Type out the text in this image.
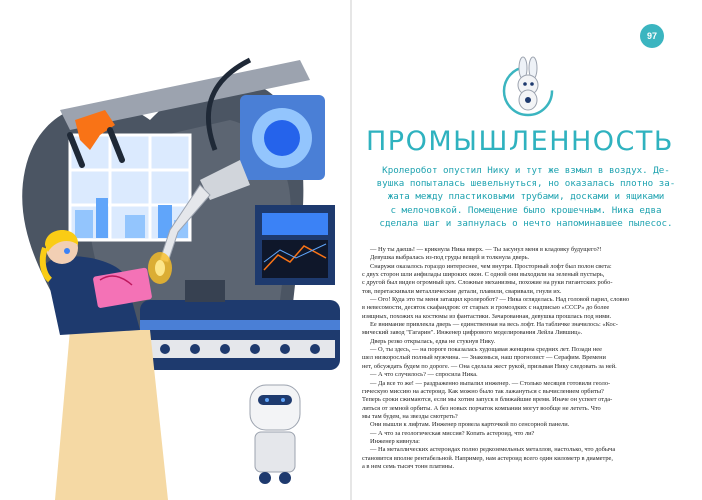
97
ПРОМЫШЛЕННОСТЬ

Кролеробот опустил Нику и тут же взмыл в воздух. Де-
вушка попыталась шевельнуться, но оказалась плотно за-
жата между пластиковыми трубами, досками и ящиками
с мелочовкой. Помещение было крошечным. Ника едва
сделала шаг и запнулась о нечто напоминавшее пылесос.

— Ну ты даешь! — крикнула Ника вверх. — Ты засунул меня в кладовку будущего?!

Девушка выбралась из-под груды вещей и толкнула дверь.

Снаружи оказалось гораздо интереснее, чем внутри. Просторный лофт был полон света:
с двух сторон шли анфилады широких окон. С одной они выходили на зеленый пустырь,
с другой был виден огромный цех. Сложные механизмы, похожие на руки гигантских робо-
тов, перетаскивали металлические детали, плавили, сваривали, гнули их.

— Ого! Куда это ты меня затащил кролеробот? — Ника огляделась. Над головой парил, словно
в невесомости, десяток скафандров: от старых и громоздких с надписью «СССР» до более
изящных, похожих на костюмы из фантастики. Зачарованная, девушка прошлась под ними.

Ее внимание привлекла дверь — единственная на весь лофт. На табличке значилось: «Кос-
мический завод "Гагарин". Инженер цифрового моделирования Лейла Лившиц».

Дверь резко открылась, едва не стукнув Нику.

— О, ты здесь, — на пороге показалась худощавая женщина средних лет. Позади нее
шел низкорослый полный мужчина. — Знакомься, наш прогнозист — Серафим. Времени
нет, обсуждать будем по дороге. — Она сделала жест рукой, призывая Нику следовать за ней.

— А что случилось? — спросила Ника.

— Да все то же! — раздраженно выпалил инженер. — Столько месяцев готовили геоло-
гическую миссию на астероид. Как можно было так лажануться с вычислением орбиты?
Теперь сроки сжимаются, если мы хотим запуск в ближайшие время. Иначе он успеет отда-
литься от земной орбиты. А без новых порчаток компании могут вообще не лететь. Что
мы там будем, на звезды смотреть?

Они вышли к лифтам. Инженер провела карточкой по сенсорной панели.

— А что за геологическая миссия? Копать астероид, что ли?

Инженер кивнула:

— На металлических астероидах полно редкоземельных металлов, настолько, что добыча
становится вполне рентабельной. Например, нам астероид всего один километр в диаметре,
а в нем семь тысяч тонн платины.
